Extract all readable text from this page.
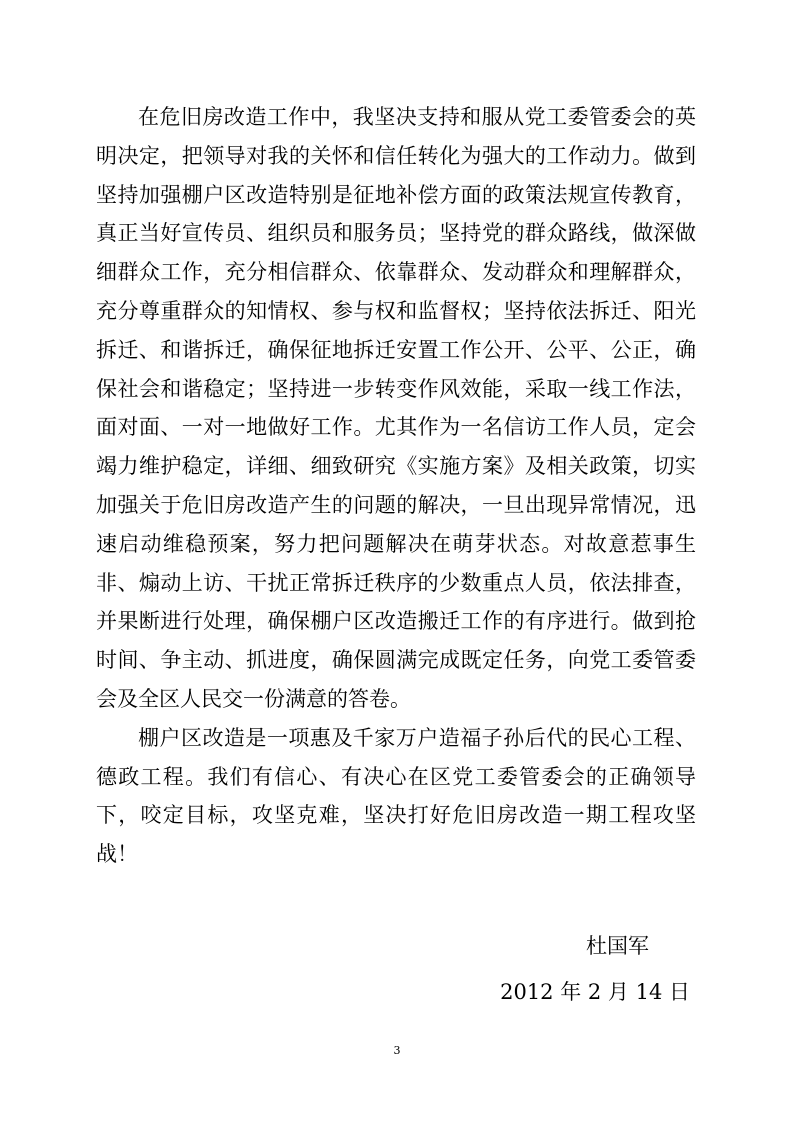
在危旧房改造工作中，我坚决支持和服从党工委管委会的英明决定，把领导对我的关怀和信任转化为强大的工作动力。做到坚持加强棚户区改造特别是征地补偿方面的政策法规宣传教育，真正当好宣传员、组织员和服务员；坚持党的群众路线，做深做细群众工作，充分相信群众、依靠群众、发动群众和理解群众，充分尊重群众的知情权、参与权和监督权；坚持依法拆迁、阳光拆迁、和谐拆迁，确保征地拆迁安置工作公开、公平、公正，确保社会和谐稳定；坚持进一步转变作风效能，采取一线工作法，面对面、一对一地做好工作。尤其作为一名信访工作人员，定会竭力维护稳定，详细、细致研究《实施方案》及相关政策，切实加强关于危旧房改造产生的问题的解决，一旦出现异常情况，迅速启动维稳预案，努力把问题解决在萌芽状态。对故意惹事生非、煽动上访、干扰正常拆迁秩序的少数重点人员，依法排查，并果断进行处理，确保棚户区改造搬迁工作的有序进行。做到抢时间、争主动、抓进度，确保圆满完成既定任务，向党工委管委会及全区人民交一份满意的答卷。

棚户区改造是一项惠及千家万户造福子孙后代的民心工程、德政工程。我们有信心、有决心在区党工委管委会的正确领导下，咬定目标，攻坚克难，坚决打好危旧房改造一期工程攻坚战！

杜国军
2012 年 2 月 14 日
3
